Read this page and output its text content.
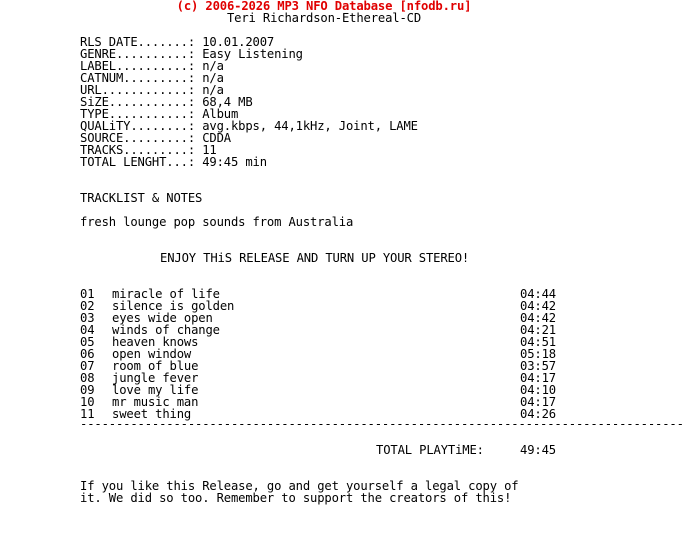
(c) 2006-2026 MP3 NFO Database [nfodb.ru]
Teri Richardson-Ethereal-CD
RLS DATE.......: 10.01.2007
GENRE..........: Easy Listening
LABEL..........: n/a
CATNUM.........: n/a
URL............: n/a
SiZE...........: 68,4 MB
TYPE...........: Album
QUALiTY........: avg.kbps, 44,1kHz, Joint, LAME
SOURCE.........: CDDA
TRACKS.........: 11
TOTAL LENGHT...: 49:45 min
TRACKLIST & NOTES
fresh lounge pop sounds from Australia
ENJOY THiS RELEASE AND TURN UP YOUR STEREO!
01 miracle of life	04:44
02 silence is golden	04:42
03 eyes wide open	04:42
04 winds of change	04:21
05 heaven knows	04:51
06 open window	05:18
07 room of blue	03:57
08 jungle fever	04:17
09 love my life	04:10
10 mr music man	04:17
11 sweet thing	04:26
------------------------------------------------------------------------------------
TOTAL PLAYTiME:	49:45
If you like this Release, go and get yourself a legal copy of
it. We did so too. Remember to support the creators of this!
